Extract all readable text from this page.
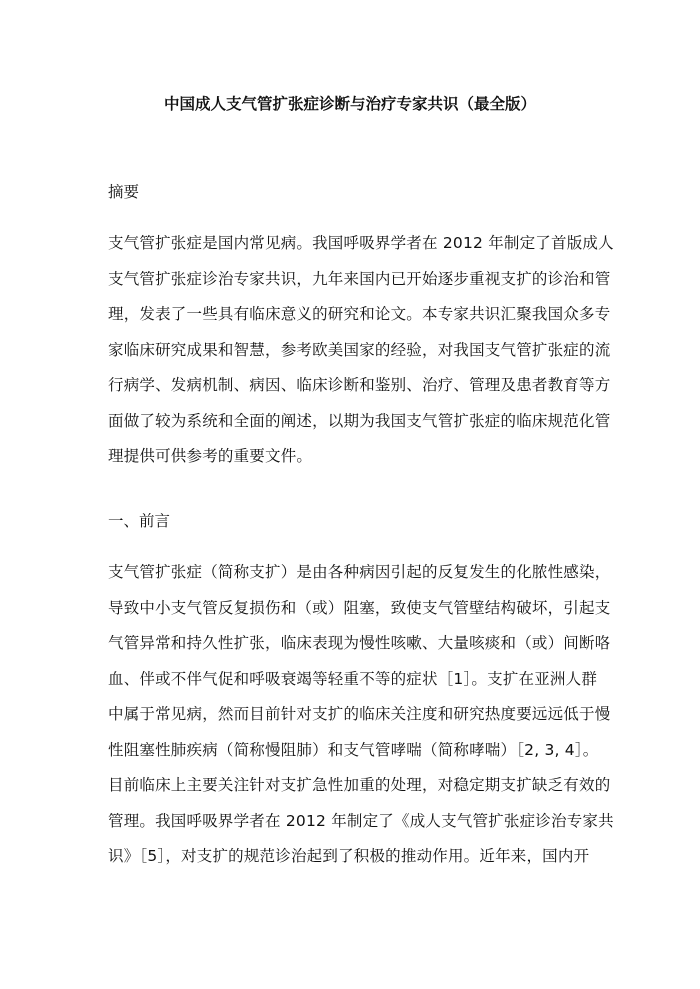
中国成人支气管扩张症诊断与治疗专家共识（最全版）
摘要
支气管扩张症是国内常见病。我国呼吸界学者在 2012 年制定了首版成人
支气管扩张症诊治专家共识，九年来国内已开始逐步重视支扩的诊治和管
理，发表了一些具有临床意义的研究和论文。本专家共识汇聚我国众多专
家临床研究成果和智慧，参考欧美国家的经验，对我国支气管扩张症的流
行病学、发病机制、病因、临床诊断和鉴别、治疗、管理及患者教育等方
面做了较为系统和全面的阐述，以期为我国支气管扩张症的临床规范化管
理提供可供参考的重要文件。
一、前言
支气管扩张症（简称支扩）是由各种病因引起的反复发生的化脓性感染，
导致中小支气管反复损伤和（或）阻塞，致使支气管壁结构破坏，引起支
气管异常和持久性扩张，临床表现为慢性咳嗽、大量咳痰和（或）间断咯
血、伴或不伴气促和呼吸衰竭等轻重不等的症状［1］。支扩在亚洲人群
中属于常见病，然而目前针对支扩的临床关注度和研究热度要远远低于慢
性阻塞性肺疾病（简称慢阻肺）和支气管哮喘（简称哮喘）［2, 3, 4］。
目前临床上主要关注针对支扩急性加重的处理，对稳定期支扩缺乏有效的
管理。我国呼吸界学者在 2012 年制定了《成人支气管扩张症诊治专家共
识》［5］，对支扩的规范诊治起到了积极的推动作用。近年来，国内开
